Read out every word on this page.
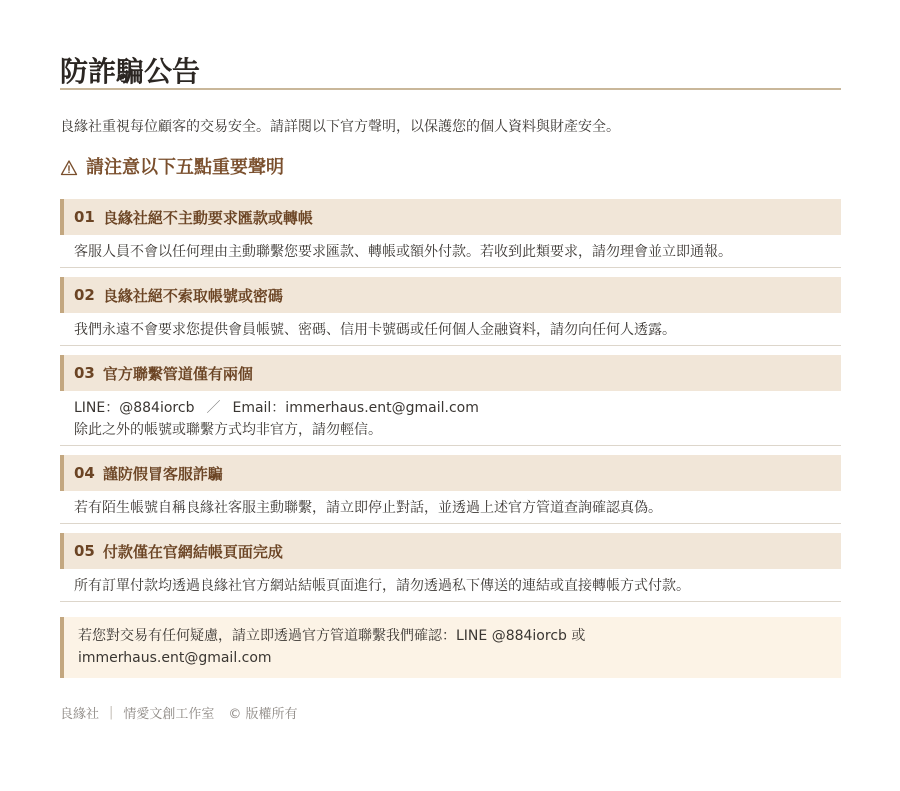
防詐騙公告

良緣社重視每位顧客的交易安全。請詳閱以下官方聲明，以保護您的個人資料與財產安全。

請注意以下五點重要聲明
01 良緣社絕不主動要求匯款或轉帳
客服人員不會以任何理由主動聯繫您要求匯款、轉帳或額外付款。若收到此類要求，請勿理會並立即通報。
02 良緣社絕不索取帳號或密碼
我們永遠不會要求您提供會員帳號、密碼、信用卡號碼或任何個人金融資料，請勿向任何人透露。
03 官方聯繫管道僅有兩個
LINE：@884iorcb ／ Email：immerhaus.ent@gmail.com
除此之外的帳號或聯繫方式均非官方，請勿輕信。
04 謹防假冒客服詐騙
若有陌生帳號自稱良緣社客服主動聯繫，請立即停止對話，並透過上述官方管道查詢確認真偽。
05 付款僅在官網結帳頁面完成
所有訂單付款均透過良緣社官方網站結帳頁面進行，請勿透過私下傳送的連結或直接轉帳方式付款。
若您對交易有任何疑慮，請立即透過官方管道聯繫我們確認：LINE @884iorcb 或
immerhaus.ent@gmail.com
良緣社 | 情愛文創工作室 © 版權所有
